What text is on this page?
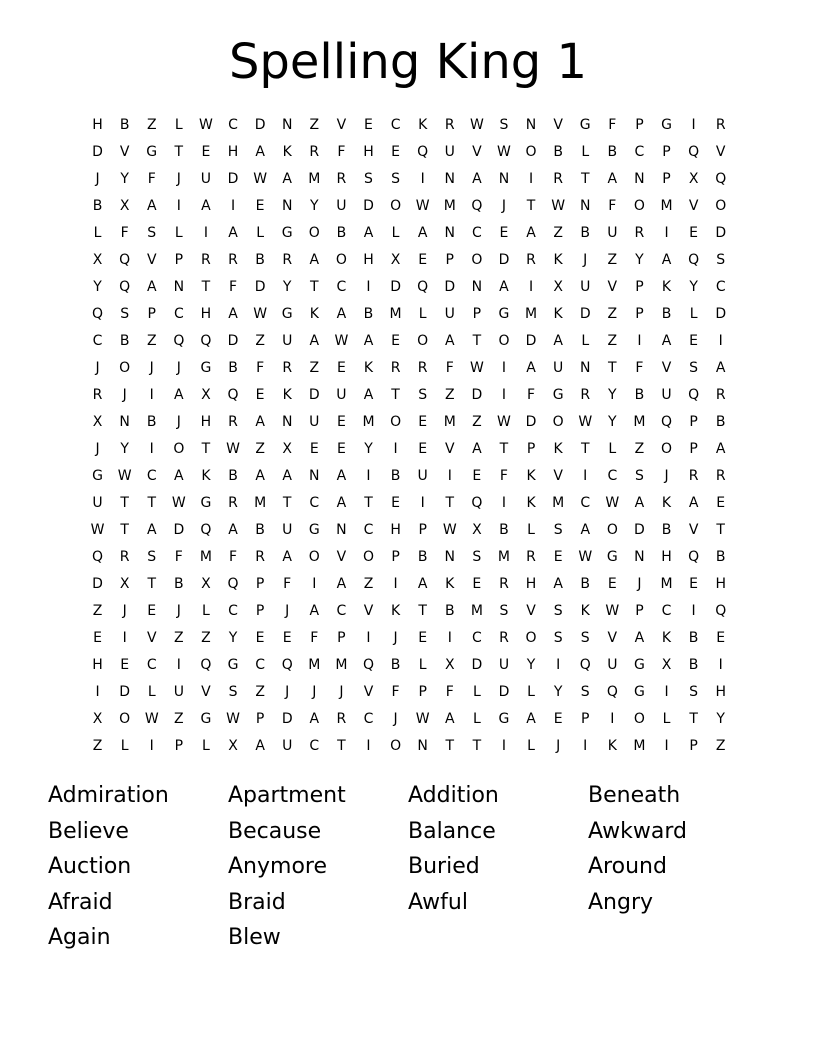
Spelling King 1
H	B	Z	L	W	C	D	N	Z	V	E	C	K	R	W	S	N	V	G	F	P	G	I	R
D	V	G	T	E	H	A	K	R	F	H	E	Q	U	V	W	O	B	L	B	C	P	Q	V
J	Y	F	J	U	D	W	A	M	R	S	S	I	N	A	N	I	R	T	A	N	P	X	Q
B	X	A	I	A	I	E	N	Y	U	D	O	W	M	Q	J	T	W	N	F	O	M	V	O
L	F	S	L	I	A	L	G	O	B	A	L	A	N	C	E	A	Z	B	U	R	I	E	D
X	Q	V	P	R	R	B	R	A	O	H	X	E	P	O	D	R	K	J	Z	Y	A	Q	S
Y	Q	A	N	T	F	D	Y	T	C	I	D	Q	D	N	A	I	X	U	V	P	K	Y	C
Q	S	P	C	H	A	W	G	K	A	B	M	L	U	P	G	M	K	D	Z	P	B	L	D
C	B	Z	Q	Q	D	Z	U	A	W	A	E	O	A	T	O	D	A	L	Z	I	A	E	I
J	O	J	J	G	B	F	R	Z	E	K	R	R	F	W	I	A	U	N	T	F	V	S	A
R	J	I	A	X	Q	E	K	D	U	A	T	S	Z	D	I	F	G	R	Y	B	U	Q	R
X	N	B	J	H	R	A	N	U	E	M	O	E	M	Z	W	D	O	W	Y	M	Q	P	B
J	Y	I	O	T	W	Z	X	E	E	Y	I	E	V	A	T	P	K	T	L	Z	O	P	A
G	W	C	A	K	B	A	A	N	A	I	B	U	I	E	F	K	V	I	C	S	J	R	R
U	T	T	W	G	R	M	T	C	A	T	E	I	T	Q	I	K	M	C	W	A	K	A	E
W	T	A	D	Q	A	B	U	G	N	C	H	P	W	X	B	L	S	A	O	D	B	V	T
Q	R	S	F	M	F	R	A	O	V	O	P	B	N	S	M	R	E	W	G	N	H	Q	B
D	X	T	B	X	Q	P	F	I	A	Z	I	A	K	E	R	H	A	B	E	J	M	E	H
Z	J	E	J	L	C	P	J	A	C	V	K	T	B	M	S	V	S	K	W	P	C	I	Q
E	I	V	Z	Z	Y	E	E	F	P	I	J	E	I	C	R	O	S	S	V	A	K	B	E
H	E	C	I	Q	G	C	Q	M	M	Q	B	L	X	D	U	Y	I	Q	U	G	X	B	I
I	D	L	U	V	S	Z	J	J	J	V	F	P	F	L	D	L	Y	S	Q	G	I	S	H
X	O	W	Z	G	W	P	D	A	R	C	J	W	A	L	G	A	E	P	I	O	L	T	Y
Z	L	I	P	L	X	A	U	C	T	I	O	N	T	T	I	L	J	I	K	M	I	P	Z
Admiration	Apartment	Addition	Beneath
Believe	Because	Balance	Awkward
Auction	Anymore	Buried	Around
Afraid	Braid	Awful	Angry
Again	Blew
